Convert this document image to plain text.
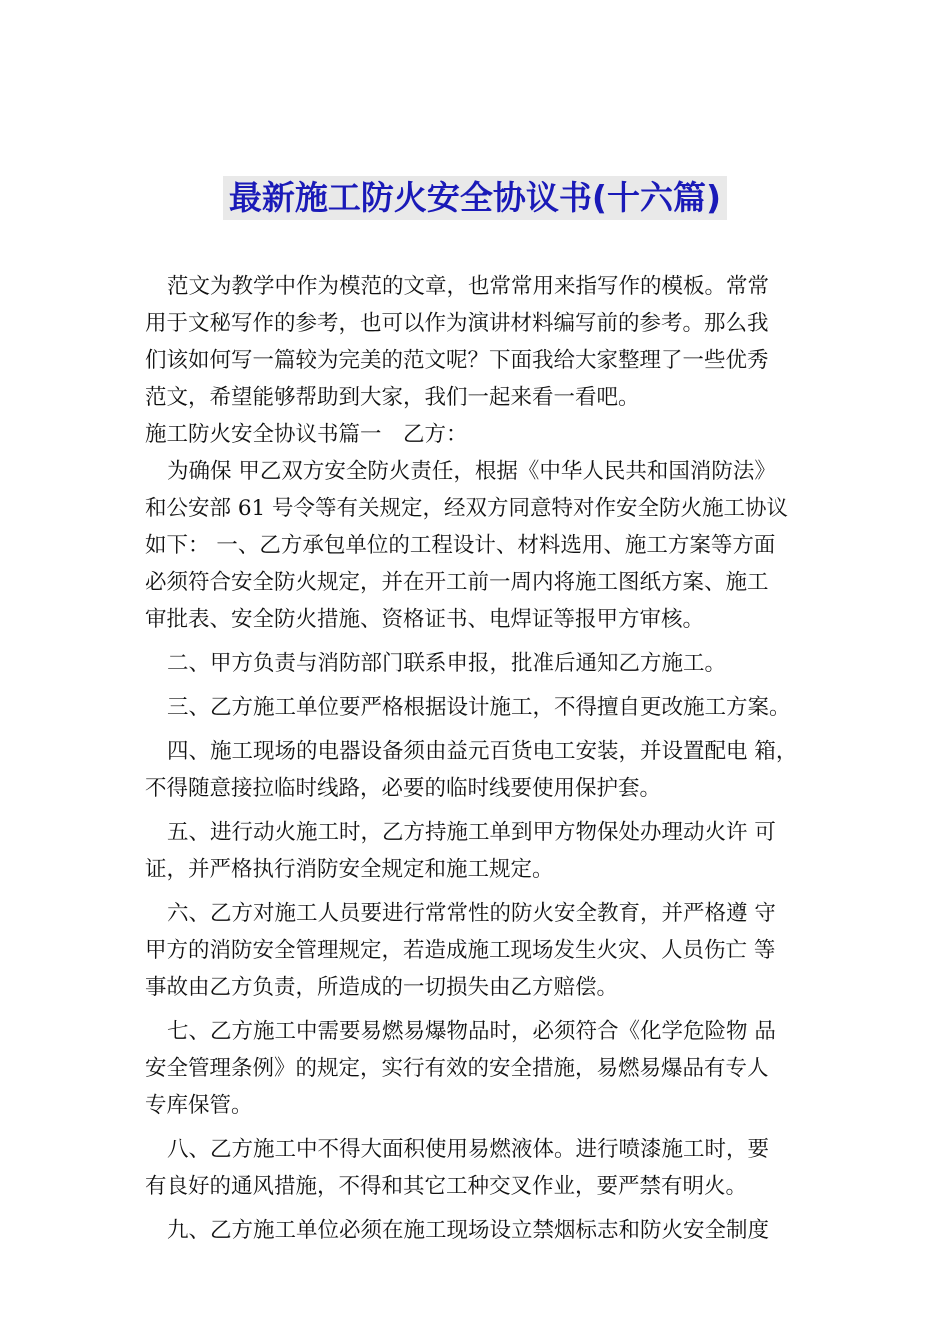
最新施工防火安全协议书(十六篇)

范文为教学中作为模范的文章，也常常用来指写作的模板。常常
用于文秘写作的参考，也可以作为演讲材料编写前的参考。那么我
们该如何写一篇较为完美的范文呢？下面我给大家整理了一些优秀
范文，希望能够帮助到大家，我们一起来看一看吧。

施工防火安全协议书篇一　乙方：

为确保 甲乙双方安全防火责任，根据《中华人民共和国消防法》
和公安部 61 号令等有关规定，经双方同意特对作安全防火施工协议
如下： 一、乙方承包单位的工程设计、材料选用、施工方案等方面
必须符合安全防火规定，并在开工前一周内将施工图纸方案、施工
审批表、安全防火措施、资格证书、电焊证等报甲方审核。

二、甲方负责与消防部门联系申报，批准后通知乙方施工。

三、乙方施工单位要严格根据设计施工，不得擅自更改施工方案。

四、施工现场的电器设备须由益元百货电工安装，并设置配电 箱，
不得随意接拉临时线路，必要的临时线要使用保护套。

五、进行动火施工时，乙方持施工单到甲方物保处办理动火许 可
证，并严格执行消防安全规定和施工规定。

六、乙方对施工人员要进行常常性的防火安全教育，并严格遵 守
甲方的消防安全管理规定，若造成施工现场发生火灾、人员伤亡 等
事故由乙方负责，所造成的一切损失由乙方赔偿。

七、乙方施工中需要易燃易爆物品时，必须符合《化学危险物 品
安全管理条例》的规定，实行有效的安全措施，易燃易爆品有专人
专库保管。

八、乙方施工中不得大面积使用易燃液体。进行喷漆施工时，要
有良好的通风措施，不得和其它工种交叉作业，要严禁有明火。

九、乙方施工单位必须在施工现场设立禁烟标志和防火安全制度
